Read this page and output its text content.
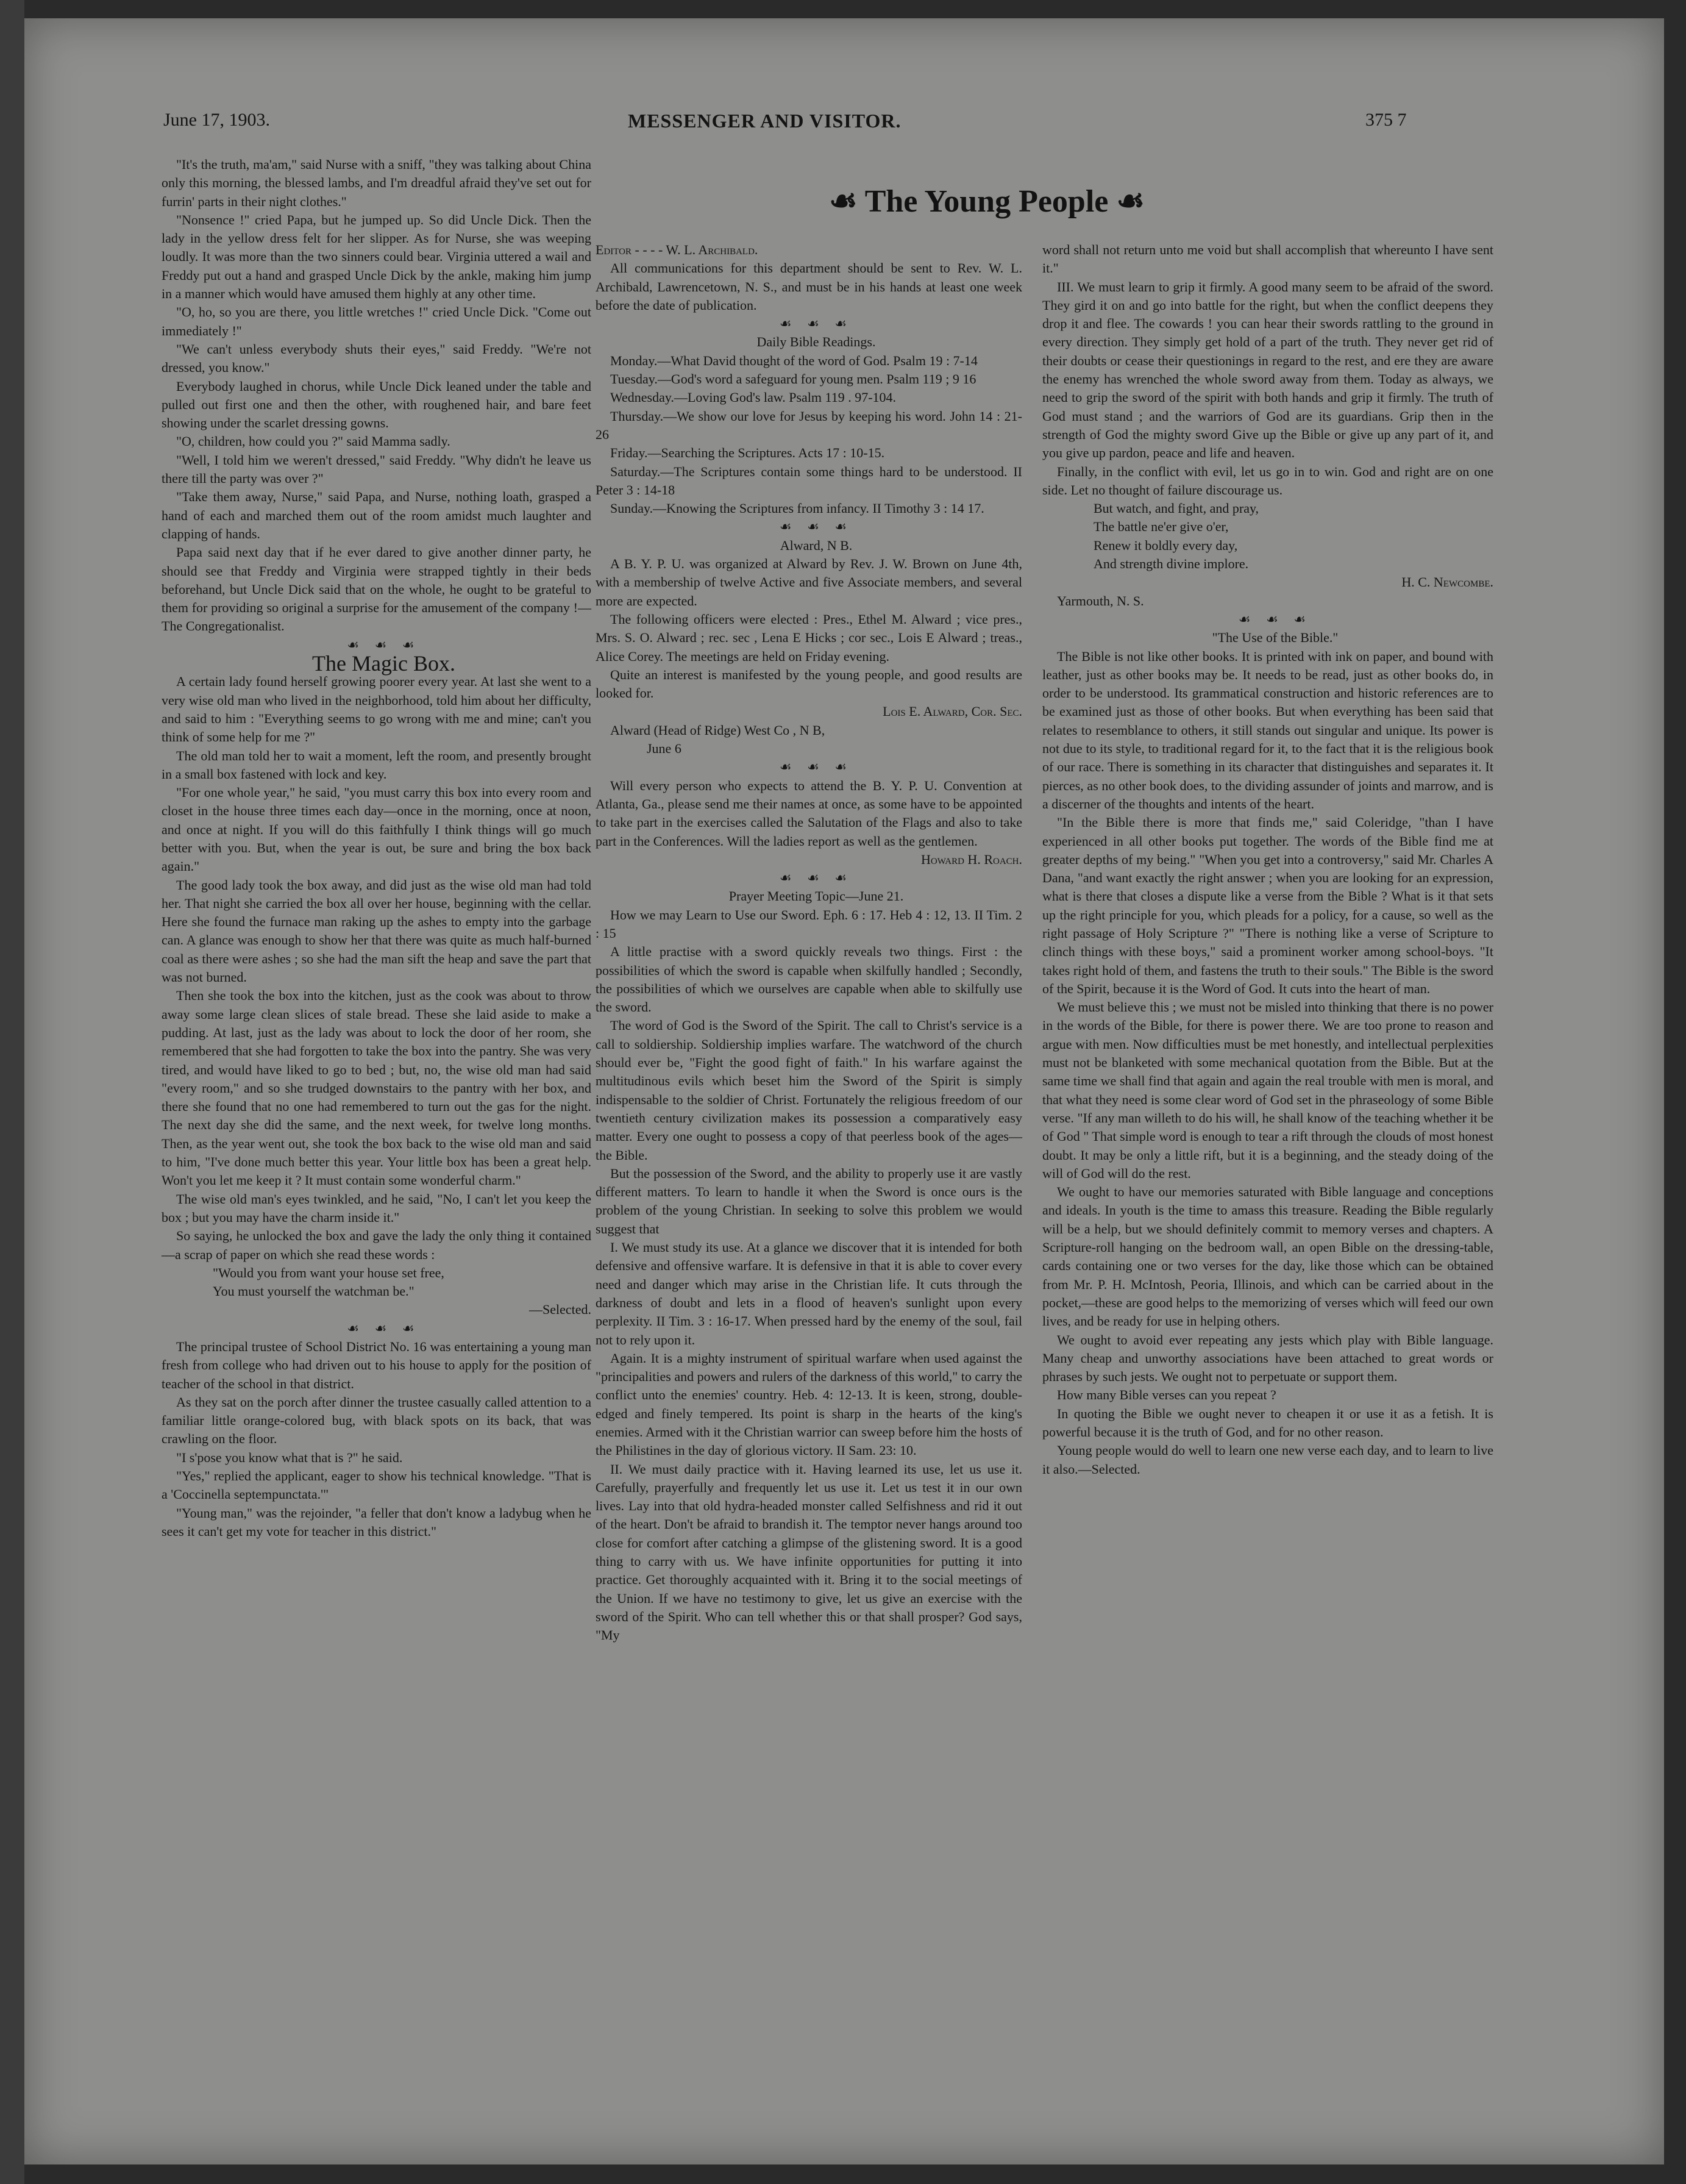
June 17, 1903.	MESSENGER AND VISITOR.	375 7
☙ The Young People ☙

"It's the truth, ma'am," said Nurse with a sniff, "they was talking about China only this morning, the blessed lambs, and I'm dreadful afraid they've set out for furrin' parts in their night clothes."

"Nonsence !" cried Papa, but he jumped up. So did Uncle Dick. Then the lady in the yellow dress felt for her slipper. As for Nurse, she was weeping loudly. It was more than the two sinners could bear. Virginia uttered a wail and Freddy put out a hand and grasped Uncle Dick by the ankle, making him jump in a manner which would have amused them highly at any other time.

"O, ho, so you are there, you little wretches !" cried Uncle Dick. "Come out immediately !"

"We can't unless everybody shuts their eyes," said Freddy. "We're not dressed, you know."

Everybody laughed in chorus, while Uncle Dick leaned under the table and pulled out first one and then the other, with roughened hair, and bare feet showing under the scarlet dressing gowns.

"O, children, how could you ?" said Mamma sadly.

"Well, I told him we weren't dressed," said Freddy. "Why didn't he leave us there till the party was over ?"

"Take them away, Nurse," said Papa, and Nurse, nothing loath, grasped a hand of each and marched them out of the room amidst much laughter and clapping of hands.

Papa said next day that if he ever dared to give another dinner party, he should see that Freddy and Virginia were strapped tightly in their beds beforehand, but Uncle Dick said that on the whole, he ought to be grateful to them for providing so original a surprise for the amusement of the company !—The Congregationalist.

☙ ☙ ☙

The Magic Box.

A certain lady found herself growing poorer every year. At last she went to a very wise old man who lived in the neighborhood, told him about her difficulty, and said to him : "Everything seems to go wrong with me and mine; can't you think of some help for me ?"

The old man told her to wait a moment, left the room, and presently brought in a small box fastened with lock and key.

"For one whole year," he said, "you must carry this box into every room and closet in the house three times each day—once in the morning, once at noon, and once at night. If you will do this faithfully I think things will go much better with you. But, when the year is out, be sure and bring the box back again."

The good lady took the box away, and did just as the wise old man had told her. That night she carried the box all over her house, beginning with the cellar. Here she found the furnace man raking up the ashes to empty into the garbage can. A glance was enough to show her that there was quite as much half-burned coal as there were ashes ; so she had the man sift the heap and save the part that was not burned.

Then she took the box into the kitchen, just as the cook was about to throw away some large clean slices of stale bread. These she laid aside to make a pudding. At last, just as the lady was about to lock the door of her room, she remembered that she had forgotten to take the box into the pantry. She was very tired, and would have liked to go to bed ; but, no, the wise old man had said "every room," and so she trudged downstairs to the pantry with her box, and there she found that no one had remembered to turn out the gas for the night. The next day she did the same, and the next week, for twelve long months. Then, as the year went out, she took the box back to the wise old man and said to him, "I've done much better this year. Your little box has been a great help. Won't you let me keep it ? It must contain some wonderful charm."

The wise old man's eyes twinkled, and he said, "No, I can't let you keep the box ; but you may have the charm inside it."

So saying, he unlocked the box and gave the lady the only thing it contained—a scrap of paper on which she read these words :

"Would you from want your house set free,

You must yourself the watchman be."

—Selected.

☙ ☙ ☙

The principal trustee of School District No. 16 was entertaining a young man fresh from college who had driven out to his house to apply for the position of teacher of the school in that district.

As they sat on the porch after dinner the trustee casually called attention to a familiar little orange-colored bug, with black spots on its back, that was crawling on the floor.

"I s'pose you know what that is ?" he said.

"Yes," replied the applicant, eager to show his technical knowledge. "That is a 'Coccinella septempunctata.'"

"Young man," was the rejoinder, "a feller that don't know a ladybug when he sees it can't get my vote for teacher in this district."

Editor - - - - W. L. Archibald.

All communications for this department should be sent to Rev. W. L. Archibald, Lawrencetown, N. S., and must be in his hands at least one week before the date of publication.

☙ ☙ ☙

Daily Bible Readings.

Monday.—What David thought of the word of God. Psalm 19 : 7-14

Tuesday.—God's word a safeguard for young men. Psalm 119 ; 9 16

Wednesday.—Loving God's law. Psalm 119 . 97-104.

Thursday.—We show our love for Jesus by keeping his word. John 14 : 21-26

Friday.—Searching the Scriptures. Acts 17 : 10-15.

Saturday.—The Scriptures contain some things hard to be understood. II Peter 3 : 14-18

Sunday.—Knowing the Scriptures from infancy. II Timothy 3 : 14 17.

☙ ☙ ☙

Alward, N B.

A B. Y. P. U. was organized at Alward by Rev. J. W. Brown on June 4th, with a membership of twelve Active and five Associate members, and several more are expected.

The following officers were elected : Pres., Ethel M. Alward ; vice pres., Mrs. S. O. Alward ; rec. sec , Lena E Hicks ; cor sec., Lois E Alward ; treas., Alice Corey. The meetings are held on Friday evening.

Quite an interest is manifested by the young people, and good results are looked for.

Lois E. Alward, Cor. Sec.

Alward (Head of Ridge) West Co , N B,

June 6

☙ ☙ ☙

Will every person who expects to attend the B. Y. P. U. Convention at Atlanta, Ga., please send me their names at once, as some have to be appointed to take part in the exercises called the Salutation of the Flags and also to take part in the Conferences. Will the ladies report as well as the gentlemen.

Howard H. Roach.

☙ ☙ ☙

Prayer Meeting Topic—June 21.

How we may Learn to Use our Sword. Eph. 6 : 17. Heb 4 : 12, 13. II Tim. 2 : 15

A little practise with a sword quickly reveals two things. First : the possibilities of which the sword is capable when skilfully handled ; Secondly, the possibilities of which we ourselves are capable when able to skilfully use the sword.

The word of God is the Sword of the Spirit. The call to Christ's service is a call to soldiership. Soldiership implies warfare. The watchword of the church should ever be, "Fight the good fight of faith." In his warfare against the multitudinous evils which beset him the Sword of the Spirit is simply indispensable to the soldier of Christ. Fortunately the religious freedom of our twentieth century civilization makes its possession a comparatively easy matter. Every one ought to possess a copy of that peerless book of the ages—the Bible.

But the possession of the Sword, and the ability to properly use it are vastly different matters. To learn to handle it when the Sword is once ours is the problem of the young Christian. In seeking to solve this problem we would suggest that

I. We must study its use. At a glance we discover that it is intended for both defensive and offensive warfare. It is defensive in that it is able to cover every need and danger which may arise in the Christian life. It cuts through the darkness of doubt and lets in a flood of heaven's sunlight upon every perplexity. II Tim. 3 : 16-17. When pressed hard by the enemy of the soul, fail not to rely upon it.

Again. It is a mighty instrument of spiritual warfare when used against the "principalities and powers and rulers of the darkness of this world," to carry the conflict unto the enemies' country. Heb. 4: 12-13. It is keen, strong, double-edged and finely tempered. Its point is sharp in the hearts of the king's enemies. Armed with it the Christian warrior can sweep before him the hosts of the Philistines in the day of glorious victory. II Sam. 23: 10.

II. We must daily practice with it. Having learned its use, let us use it. Carefully, prayerfully and frequently let us use it. Let us test it in our own lives. Lay into that old hydra-headed monster called Selfishness and rid it out of the heart. Don't be afraid to brandish it. The temptor never hangs around too close for comfort after catching a glimpse of the glistening sword. It is a good thing to carry with us. We have infinite opportunities for putting it into practice. Get thoroughly acquainted with it. Bring it to the social meetings of the Union. If we have no testimony to give, let us give an exercise with the sword of the Spirit. Who can tell whether this or that shall prosper? God says, "My

word shall not return unto me void but shall accomplish that whereunto I have sent it."

III. We must learn to grip it firmly. A good many seem to be afraid of the sword. They gird it on and go into battle for the right, but when the conflict deepens they drop it and flee. The cowards ! you can hear their swords rattling to the ground in every direction. They simply get hold of a part of the truth. They never get rid of their doubts or cease their questionings in regard to the rest, and ere they are aware the enemy has wrenched the whole sword away from them. Today as always, we need to grip the sword of the spirit with both hands and grip it firmly. The truth of God must stand ; and the warriors of God are its guardians. Grip then in the strength of God the mighty sword Give up the Bible or give up any part of it, and you give up pardon, peace and life and heaven.

Finally, in the conflict with evil, let us go in to win. God and right are on one side. Let no thought of failure discourage us.

But watch, and fight, and pray,

The battle ne'er give o'er,

Renew it boldly every day,

And strength divine implore.

H. C. Newcombe.

Yarmouth, N. S.

☙ ☙ ☙

"The Use of the Bible."

The Bible is not like other books. It is printed with ink on paper, and bound with leather, just as other books may be. It needs to be read, just as other books do, in order to be understood. Its grammatical construction and historic references are to be examined just as those of other books. But when everything has been said that relates to resemblance to others, it still stands out singular and unique. Its power is not due to its style, to traditional regard for it, to the fact that it is the religious book of our race. There is something in its character that distinguishes and separates it. It pierces, as no other book does, to the dividing assunder of joints and marrow, and is a discerner of the thoughts and intents of the heart.

"In the Bible there is more that finds me," said Coleridge, "than I have experienced in all other books put together. The words of the Bible find me at greater depths of my being." "When you get into a controversy," said Mr. Charles A Dana, "and want exactly the right answer ; when you are looking for an expression, what is there that closes a dispute like a verse from the Bible ? What is it that sets up the right principle for you, which pleads for a policy, for a cause, so well as the right passage of Holy Scripture ?" "There is nothing like a verse of Scripture to clinch things with these boys," said a prominent worker among school-boys. "It takes right hold of them, and fastens the truth to their souls." The Bible is the sword of the Spirit, because it is the Word of God. It cuts into the heart of man.

We must believe this ; we must not be misled into thinking that there is no power in the words of the Bible, for there is power there. We are too prone to reason and argue with men. Now difficulties must be met honestly, and intellectual perplexities must not be blanketed with some mechanical quotation from the Bible. But at the same time we shall find that again and again the real trouble with men is moral, and that what they need is some clear word of God set in the phraseology of some Bible verse. "If any man willeth to do his will, he shall know of the teaching whether it be of God " That simple word is enough to tear a rift through the clouds of most honest doubt. It may be only a little rift, but it is a beginning, and the steady doing of the will of God will do the rest.

We ought to have our memories saturated with Bible language and conceptions and ideals. In youth is the time to amass this treasure. Reading the Bible regularly will be a help, but we should definitely commit to memory verses and chapters. A Scripture-roll hanging on the bedroom wall, an open Bible on the dressing-table, cards containing one or two verses for the day, like those which can be obtained from Mr. P. H. McIntosh, Peoria, Illinois, and which can be carried about in the pocket,—these are good helps to the memorizing of verses which will feed our own lives, and be ready for use in helping others.

We ought to avoid ever repeating any jests which play with Bible language. Many cheap and unworthy associations have been attached to great words or phrases by such jests. We ought not to perpetuate or support them.

How many Bible verses can you repeat ?

In quoting the Bible we ought never to cheapen it or use it as a fetish. It is powerful because it is the truth of God, and for no other reason.

Young people would do well to learn one new verse each day, and to learn to live it also.—Selected.
